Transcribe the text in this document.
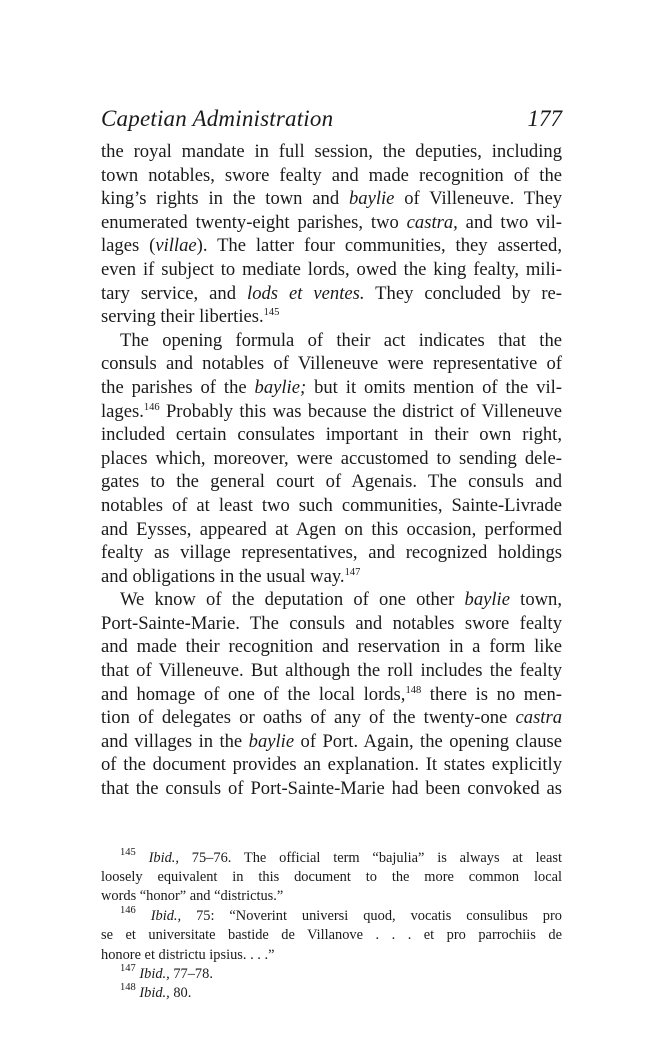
Capetian Administration	177
the royal mandate in full session, the deputies, including
town notables, swore fealty and made recognition of the
king’s rights in the town and baylie of Villeneuve. They
enumerated twenty-eight parishes, two castra, and two vil-
lages (villae). The latter four communities, they asserted,
even if subject to mediate lords, owed the king fealty, mili-
tary service, and lods et ventes. They concluded by re-
serving their liberties.$^{145}$
The opening formula of their act indicates that the
consuls and notables of Villeneuve were representative of
the parishes of the baylie; but it omits mention of the vil-
lages.$^{146}$ Probably this was because the district of Villeneuve
included certain consulates important in their own right,
places which, moreover, were accustomed to sending dele-
gates to the general court of Agenais. The consuls and
notables of at least two such communities, Sainte-Livrade
and Eysses, appeared at Agen on this occasion, performed
fealty as village representatives, and recognized holdings
and obligations in the usual way.$^{147}$
We know of the deputation of one other baylie town,
Port-Sainte-Marie. The consuls and notables swore fealty
and made their recognition and reservation in a form like
that of Villeneuve. But although the roll includes the fealty
and homage of one of the local lords,$^{148}$ there is no men-
tion of delegates or oaths of any of the twenty-one castra
and villages in the baylie of Port. Again, the opening clause
of the document provides an explanation. It states explicitly
that the consuls of Port-Sainte-Marie had been convoked as
$^{145}$ Ibid., 75–76. The official term “bajulia” is always at least
loosely equivalent in this document to the more common local
words “honor” and “districtus.”
$^{146}$ Ibid., 75: “Noverint universi quod, vocatis consulibus pro
se et universitate bastide de Villanove . . . et pro parrochiis de
honore et districtu ipsius. . . .”
$^{147}$ Ibid., 77–78.
$^{148}$ Ibid., 80.
